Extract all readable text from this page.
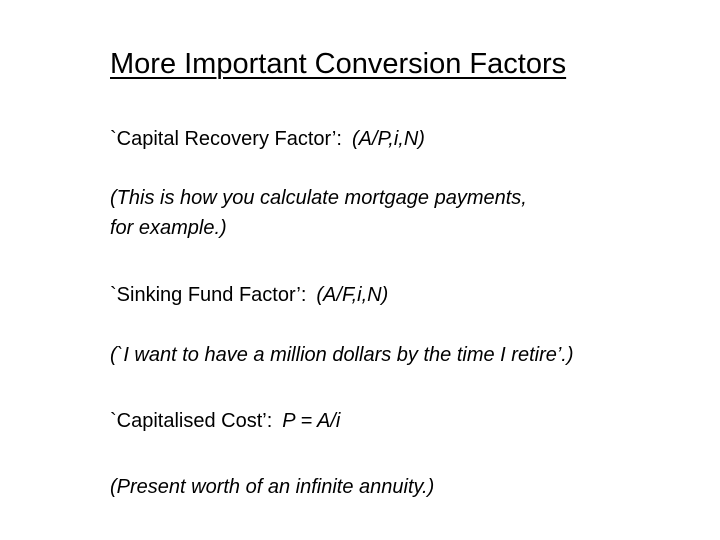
More Important Conversion Factors
`Capital Recovery Factor’: (A/P,i,N)
(This is how you calculate mortgage payments,
for example.)
`Sinking Fund Factor’: (A/F,i,N)
(`I want to have a million dollars by the time I retire’.)
`Capitalised Cost’: P = A/i
(Present worth of an infinite annuity.)
